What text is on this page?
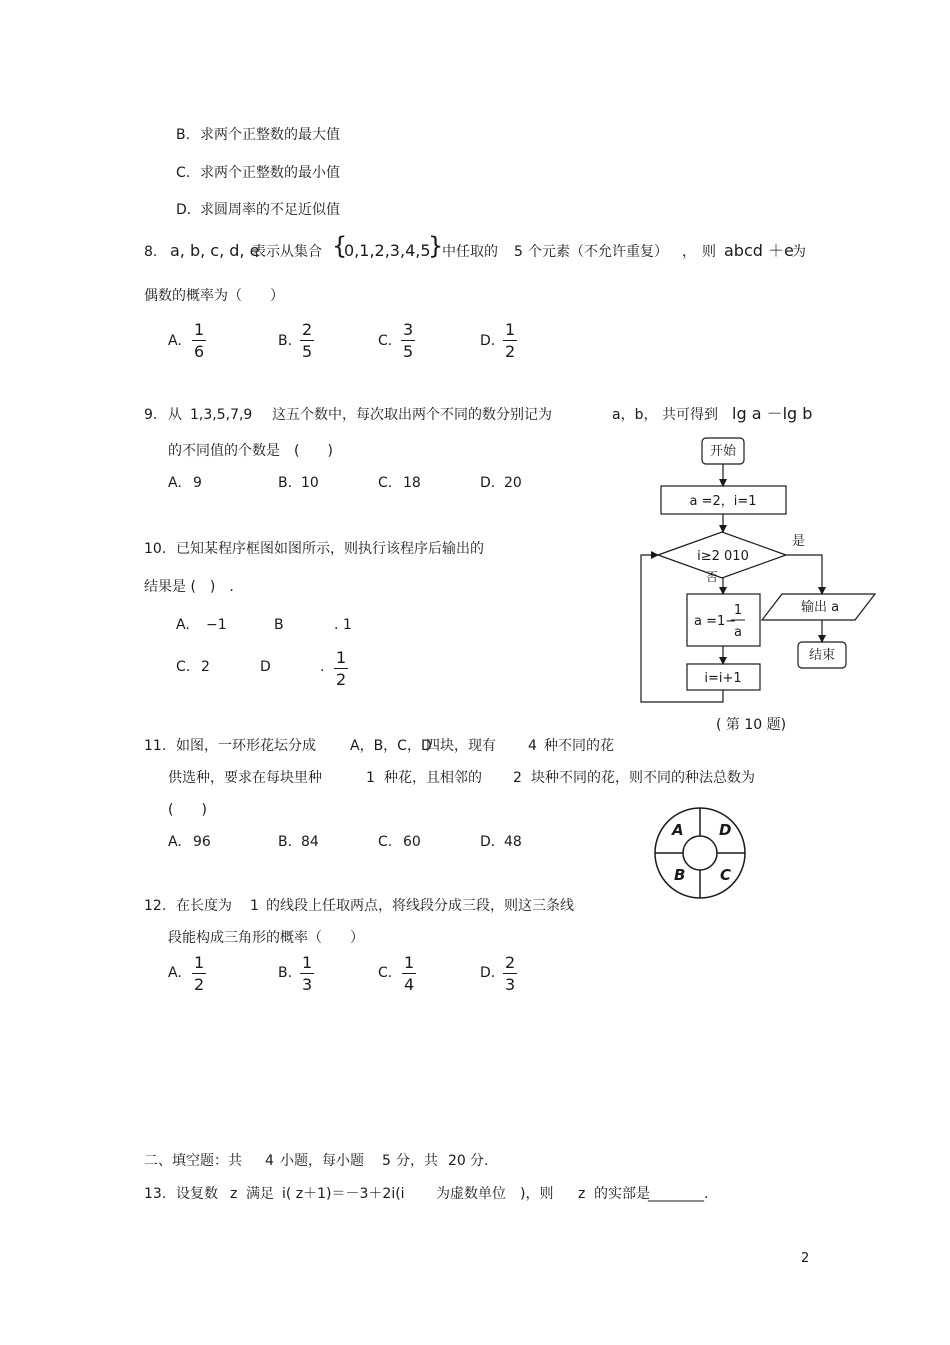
B. 求两个正整数的最大值
C. 求两个正整数的最小值
D. 求圆周率的不足近似值
8. a, b, c, d, e
表示从集合 {
0,1,2,3,4,5
}
中任取的 5 个元素（不允许重复） ， 则 abcd ＋e
为
偶数的概率为（　　）
A. $\frac{1}{6}$	B. $\frac{2}{5}$	C. $\frac{3}{5}$	D. $\frac{1}{2}$
9. 从 1,3,5,7,9 这五个数中，每次取出两个不同的数分别记为	a，b， 共可得到 lg a －lg b
的不同值的个数是　(　　)
A. 9	B. 10	C. 18	D. 20
10. 已知某程序框图如图所示，则执行该程序后输出的
结果是 (　)　.
A. −1	B	. 1
C. 2	D	. $\frac{1}{2}$
开始
a =2，i=1
i≥2 010
是
否
a =1−
1
a
i=i+1
输出 a
结束
( 第 10 题)
11. 如图，一环形花坛分成 A，B，C，D
四块，现有 4 种不同的花
供选种，要求在每块里种	1 种花，且相邻的 2 块种不同的花，则不同的种法总数为
(　　)
A. 96	B. 84	C. 60	D. 48
A D
B C
12. 在长度为 1 的线段上任取两点，将线段分成三段，则这三条线
段能构成三角形的概率（　　）
A. $\frac{1}{2}$	B. $\frac{1}{3}$	C. $\frac{1}{4}$	D. $\frac{2}{3}$
二、填空题：共 4 小题，每小题 5 分，共 20 分.
13. 设复数 z 满足 i( z＋1)＝－3＋2i(i 为虚数单位 )，则 z 的实部是
________.
2
